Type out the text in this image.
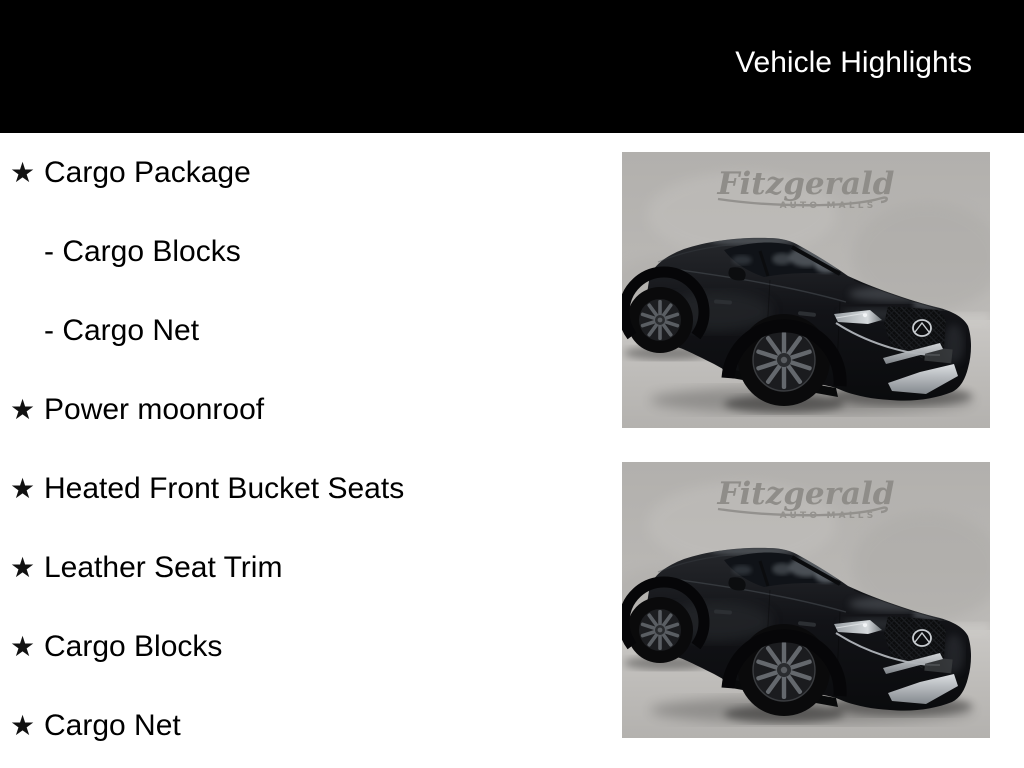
Vehicle Highlights
★ Cargo Package
- Cargo Blocks
- Cargo Net
★ Power moonroof
★ Heated Front Bucket Seats
★ Leather Seat Trim
★ Cargo Blocks
★ Cargo Net
